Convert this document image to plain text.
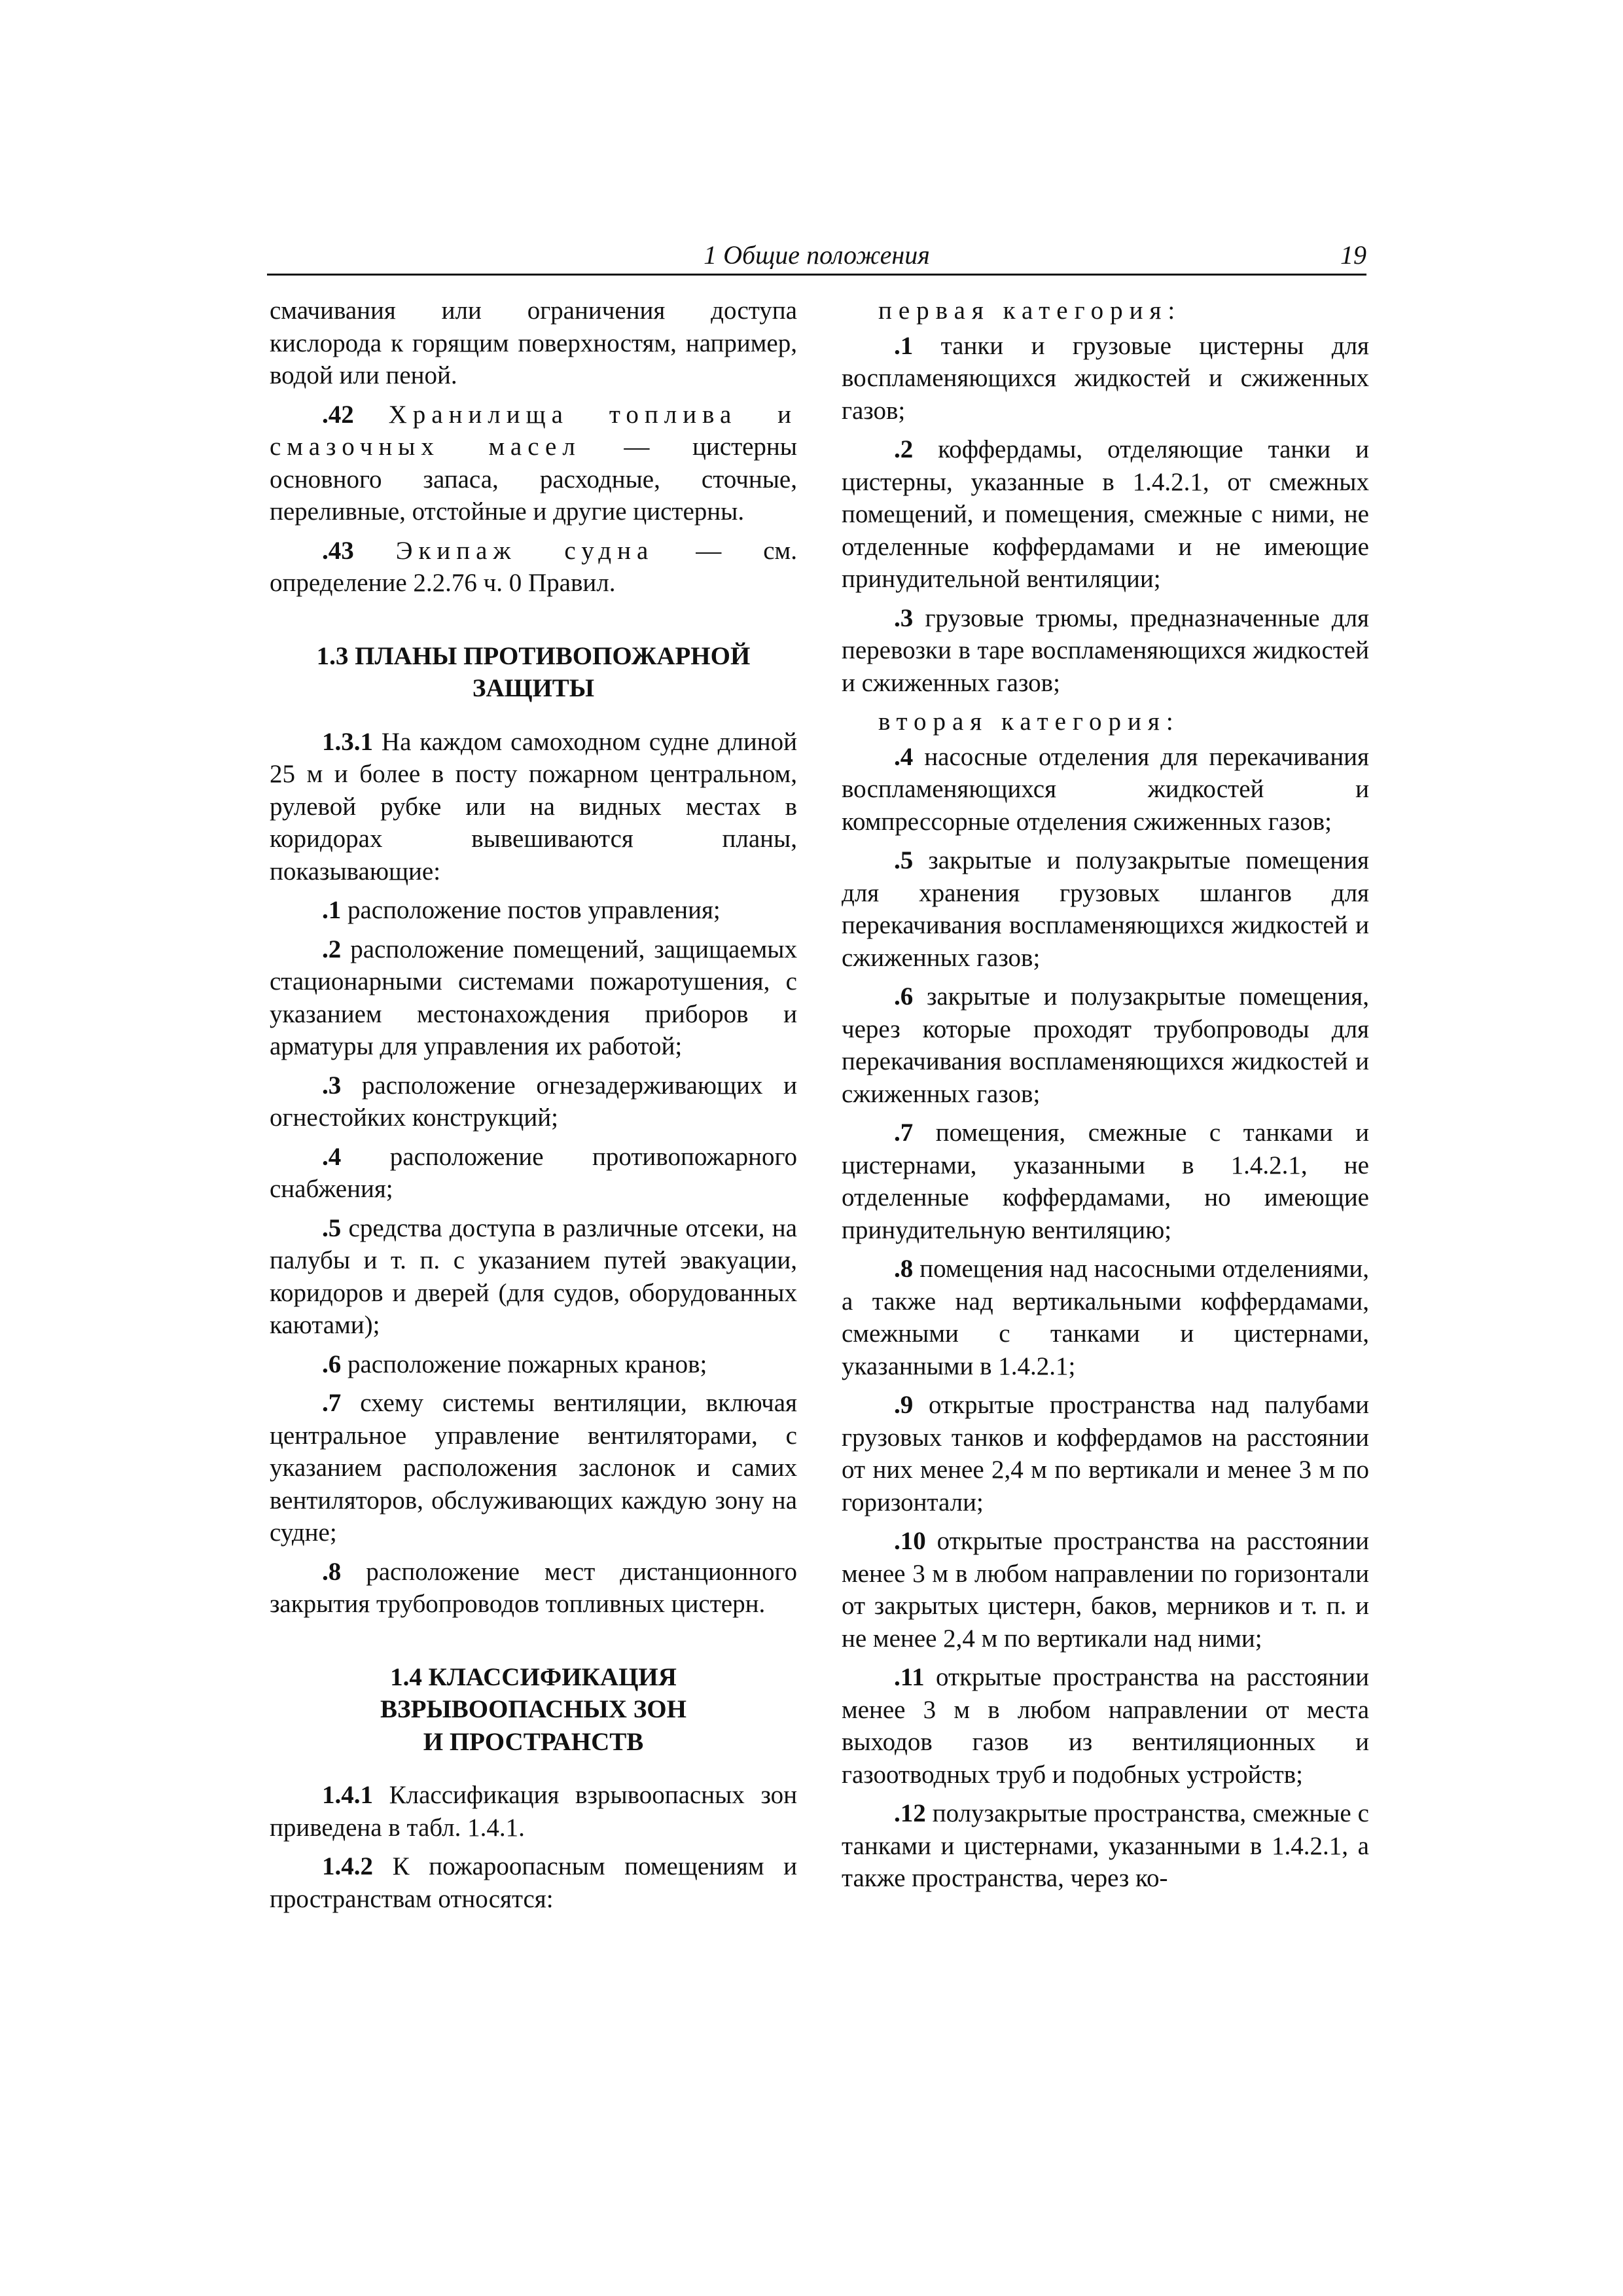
1 Общие положения	19

смачивания или ограничения доступа кислорода к горящим поверхностям, например, водой или пеной.

.42 Хранилища топлива и смазочных масел — цистерны основного запаса, расходные, сточные, переливные, отстойные и другие цистерны.

.43 Экипаж судна — см. определение 2.2.76 ч. 0 Правил.

1.3 ПЛАНЫ ПРОТИВОПОЖАРНОЙ
ЗАЩИТЫ

1.3.1 На каждом самоходном судне длиной 25 м и более в посту пожарном центральном, рулевой рубке или на видных местах в коридорах вывешиваются планы, показывающие:

.1 расположение постов управления;

.2 расположение помещений, защищаемых стационарными системами пожаротушения, с указанием местонахождения приборов и арматуры для управления их работой;

.3 расположение огнезадерживающих и огнестойких конструкций;

.4 расположение противопожарного снабжения;

.5 средства доступа в различные отсеки, на палубы и т. п. с указанием путей эвакуации, коридоров и дверей (для судов, оборудованных каютами);

.6 расположение пожарных кранов;

.7 схему системы вентиляции, включая центральное управление вентиляторами, с указанием расположения заслонок и самих вентиляторов, обслуживающих каждую зону на судне;

.8 расположение мест дистанционного закрытия трубопроводов топливных цистерн.

1.4 КЛАССИФИКАЦИЯ
ВЗРЫВООПАСНЫХ ЗОН
И ПРОСТРАНСТВ

1.4.1 Классификация взрывоопасных зон приведена в табл. 1.4.1.

1.4.2 К пожароопасным помещениям и пространствам относятся:

первая категория:

.1 танки и грузовые цистерны для воспламеняющихся жидкостей и сжиженных газов;

.2 коффердамы, отделяющие танки и цистерны, указанные в 1.4.2.1, от смежных помещений, и помещения, смежные с ними, не отделенные коффердамами и не имеющие принудительной вентиляции;

.3 грузовые трюмы, предназначенные для перевозки в таре воспламеняющихся жидкостей и сжиженных газов;

вторая категория:

.4 насосные отделения для перекачивания воспламеняющихся жидкостей и компрессорные отделения сжиженных газов;

.5 закрытые и полузакрытые помещения для хранения грузовых шлангов для перекачивания воспламеняющихся жидкостей и сжиженных газов;

.6 закрытые и полузакрытые помещения, через которые проходят трубопроводы для перекачивания воспламеняющихся жидкостей и сжиженных газов;

.7 помещения, смежные с танками и цистернами, указанными в 1.4.2.1, не отделенные коффердамами, но имеющие принудительную вентиляцию;

.8 помещения над насосными отделениями, а также над вертикальными коффердамами, смежными с танками и цистернами, указанными в 1.4.2.1;

.9 открытые пространства над палубами грузовых танков и коффердамов на расстоянии от них менее 2,4 м по вертикали и менее 3 м по горизонтали;

.10 открытые пространства на расстоянии менее 3 м в любом направлении по горизонтали от закрытых цистерн, баков, мерников и т. п. и не менее 2,4 м по вертикали над ними;

.11 открытые пространства на расстоянии менее 3 м в любом направлении от места выходов газов из вентиляционных и газоотводных труб и подобных устройств;

.12 полузакрытые пространства, смежные с танками и цистернами, указанными в 1.4.2.1, а также пространства, через ко-
